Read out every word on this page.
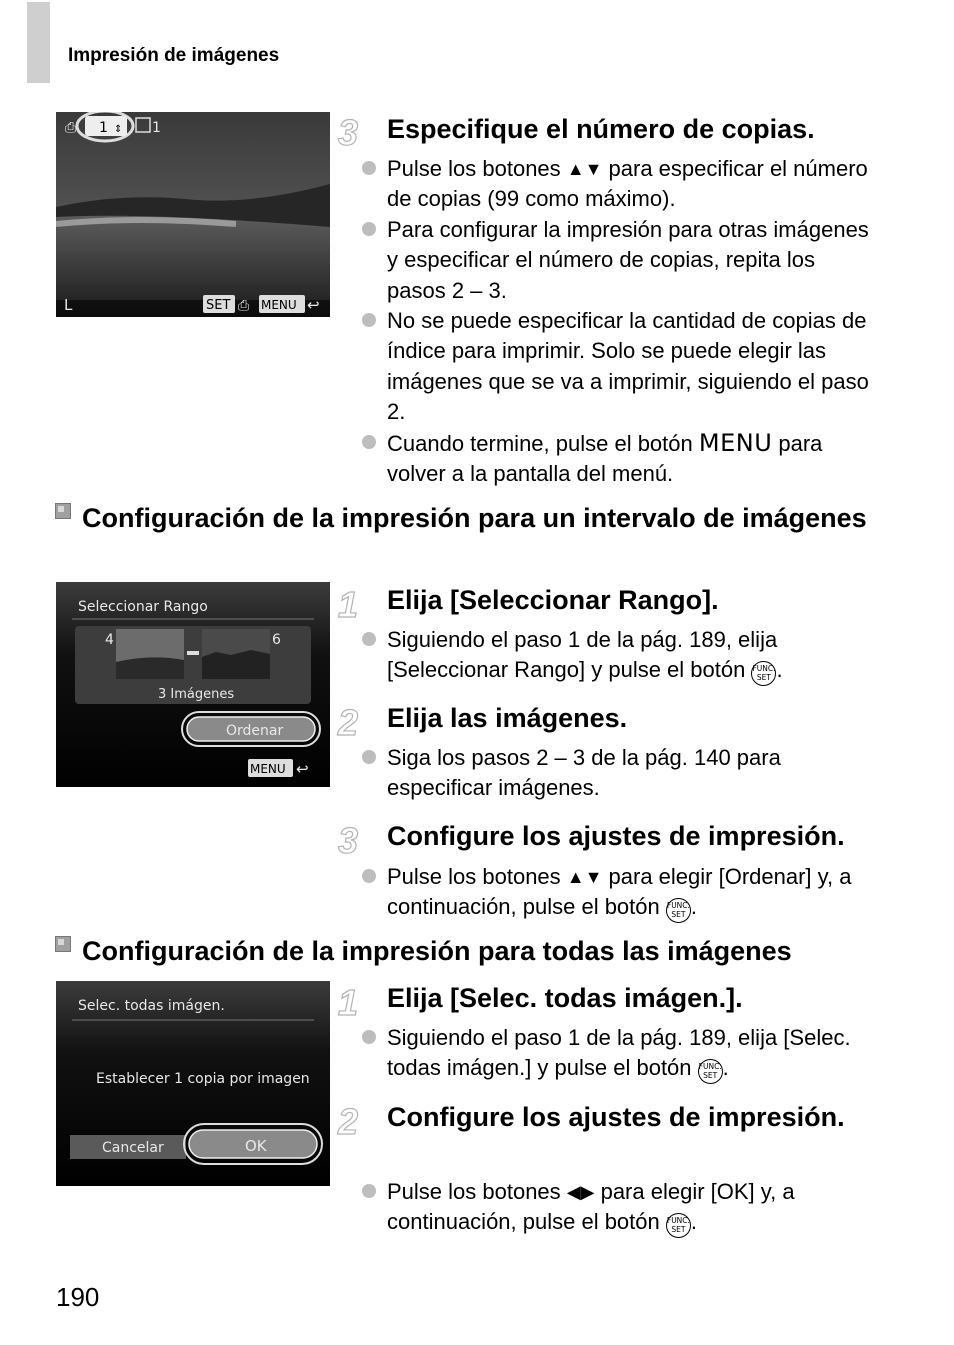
Impresión de imágenes
⎙ 1 ⇕ 1
L	SET ⎙ MENU ↩
3 Especifique el número de copias.
Pulse los botones ▲▼ para especificar el número de copias (99 como máximo).
Para configurar la impresión para otras imágenes y especificar el número de copias, repita los pasos 2 – 3.
No se puede especificar la cantidad de copias de índice para imprimir. Solo se puede elegir las imágenes que se va a imprimir, siguiendo el paso 2.
Cuando termine, pulse el botón MENU para volver a la pantalla del menú.
Configuración de la impresión para un intervalo de imágenes
Seleccionar Rango
4	6
3 Imágenes
Ordenar
MENU ↩
1 Elija [Seleccionar Rango].
Siguiendo el paso 1 de la pág. 189, elija [Seleccionar Rango] y pulse el botón FUNC.
SET .
2 Elija las imágenes.
Siga los pasos 2 – 3 de la pág. 140 para especificar imágenes.
3 Configure los ajustes de impresión.
Pulse los botones ▲▼ para elegir [Ordenar] y, a continuación, pulse el botón FUNC.
SET .
Configuración de la impresión para todas las imágenes
Selec. todas imágen.
Establecer 1 copia por imagen
Cancelar	OK
1 Elija [Selec. todas imágen.].
Siguiendo el paso 1 de la pág. 189, elija [Selec. todas imágen.] y pulse el botón FUNC.
SET .
2 Configure los ajustes de impresión.
Pulse los botones ◀▶ para elegir [OK] y, a continuación, pulse el botón FUNC.
SET .
190
